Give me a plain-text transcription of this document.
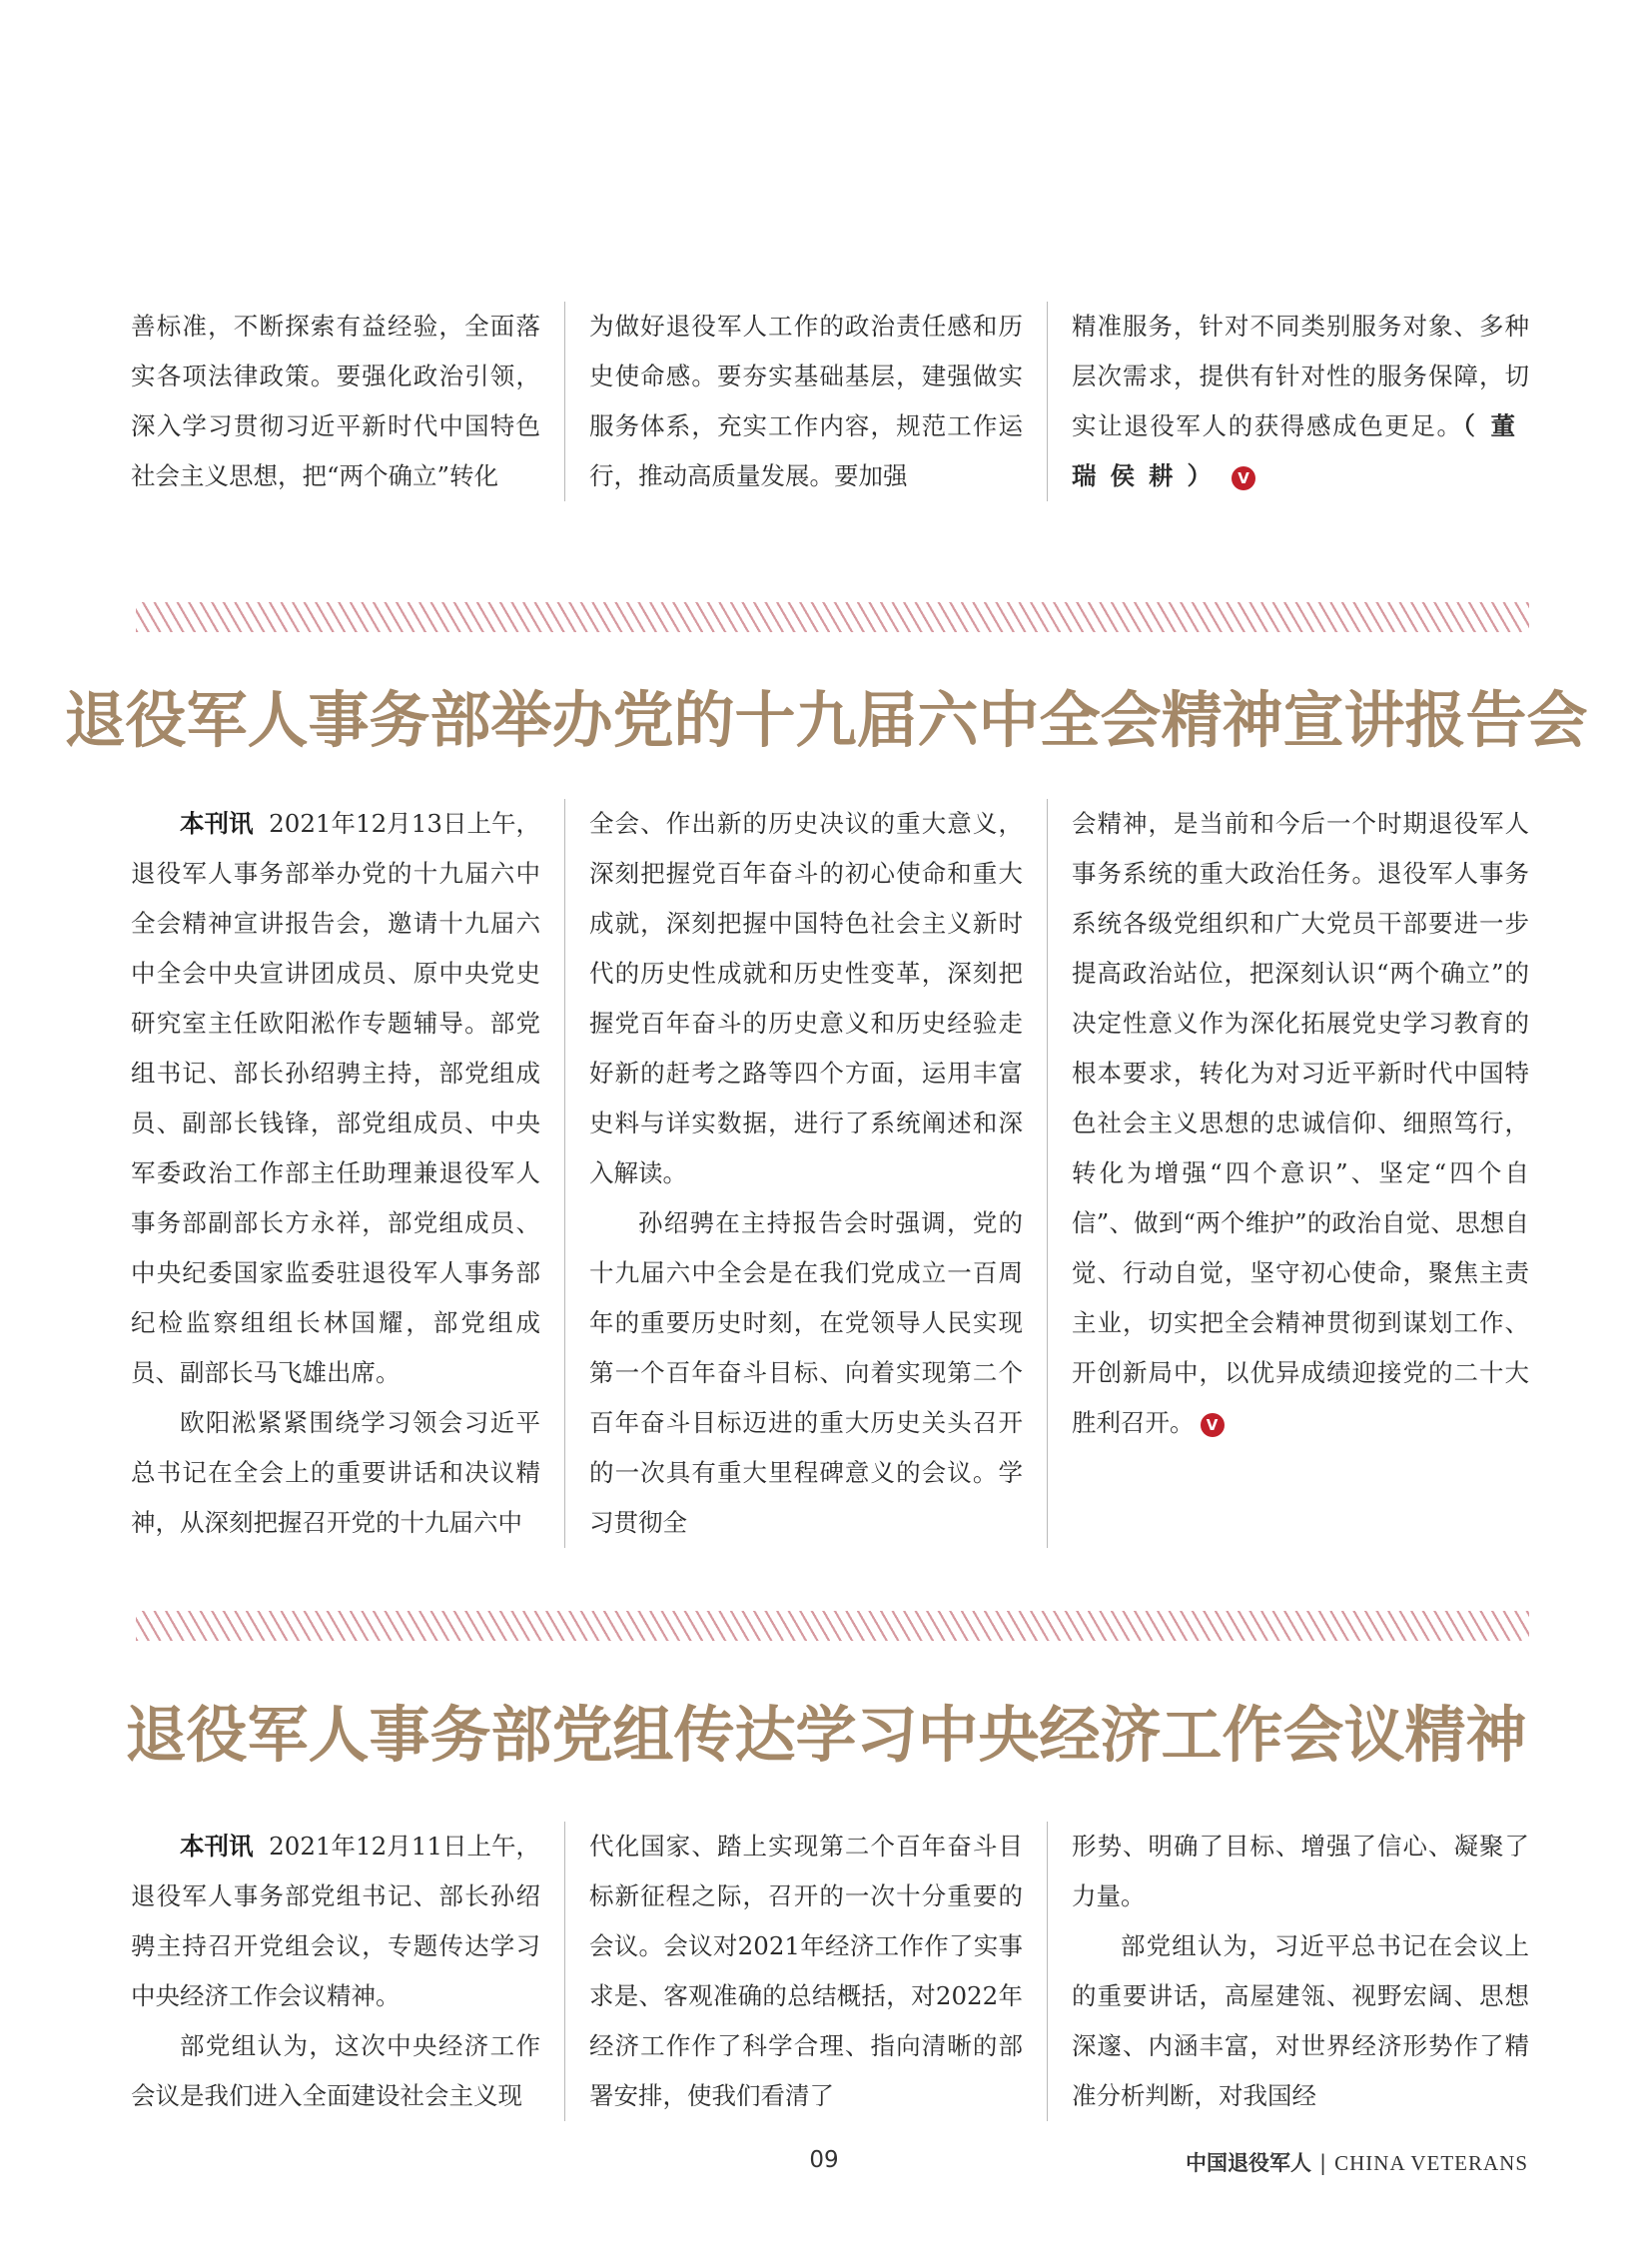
善标准，不断探索有益经验，全面落实各项法律政策。要强化政治引领，深入学习贯彻习近平新时代中国特色社会主义思想，把“两个确立”转化

为做好退役军人工作的政治责任感和历史使命感。要夯实基础基层，建强做实服务体系，充实工作内容，规范工作运行，推动高质量发展。要加强

精准服务，针对不同类别服务对象、多种层次需求，提供有针对性的服务保障，切实让退役军人的获得感成色更足。（董瑞侯耕） V

退役军人事务部举办党的十九届六中全会精神宣讲报告会

本刊讯 2021年12月13日上午，退役军人事务部举办党的十九届六中全会精神宣讲报告会，邀请十九届六中全会中央宣讲团成员、原中央党史研究室主任欧阳淞作专题辅导。部党组书记、部长孙绍骋主持，部党组成员、副部长钱锋，部党组成员、中央军委政治工作部主任助理兼退役军人事务部副部长方永祥，部党组成员、中央纪委国家监委驻退役军人事务部纪检监察组组长林国耀，部党组成员、副部长马飞雄出席。

欧阳淞紧紧围绕学习领会习近平总书记在全会上的重要讲话和决议精神，从深刻把握召开党的十九届六中

全会、作出新的历史决议的重大意义，深刻把握党百年奋斗的初心使命和重大成就，深刻把握中国特色社会主义新时代的历史性成就和历史性变革，深刻把握党百年奋斗的历史意义和历史经验走好新的赶考之路等四个方面，运用丰富史料与详实数据，进行了系统阐述和深入解读。

孙绍骋在主持报告会时强调，党的十九届六中全会是在我们党成立一百周年的重要历史时刻，在党领导人民实现第一个百年奋斗目标、向着实现第二个百年奋斗目标迈进的重大历史关头召开的一次具有重大里程碑意义的会议。学习贯彻全

会精神，是当前和今后一个时期退役军人事务系统的重大政治任务。退役军人事务系统各级党组织和广大党员干部要进一步提高政治站位，把深刻认识“两个确立”的决定性意义作为深化拓展党史学习教育的根本要求，转化为对习近平新时代中国特色社会主义思想的忠诚信仰、细照笃行，转化为增强“四个意识”、坚定“四个自信”、做到“两个维护”的政治自觉、思想自觉、行动自觉，坚守初心使命，聚焦主责主业，切实把全会精神贯彻到谋划工作、开创新局中，以优异成绩迎接党的二十大胜利召开。 V

退役军人事务部党组传达学习中央经济工作会议精神

本刊讯 2021年12月11日上午，退役军人事务部党组书记、部长孙绍骋主持召开党组会议，专题传达学习中央经济工作会议精神。

部党组认为，这次中央经济工作会议是我们进入全面建设社会主义现

代化国家、踏上实现第二个百年奋斗目标新征程之际，召开的一次十分重要的会议。会议对2021年经济工作作了实事求是、客观准确的总结概括，对2022年经济工作作了科学合理、指向清晰的部署安排，使我们看清了

形势、明确了目标、增强了信心、凝聚了力量。

部党组认为，习近平总书记在会议上的重要讲话，高屋建瓴、视野宏阔、思想深邃、内涵丰富，对世界经济形势作了精准分析判断，对我国经

09	中国退役军人 | CHINA VETERANS
